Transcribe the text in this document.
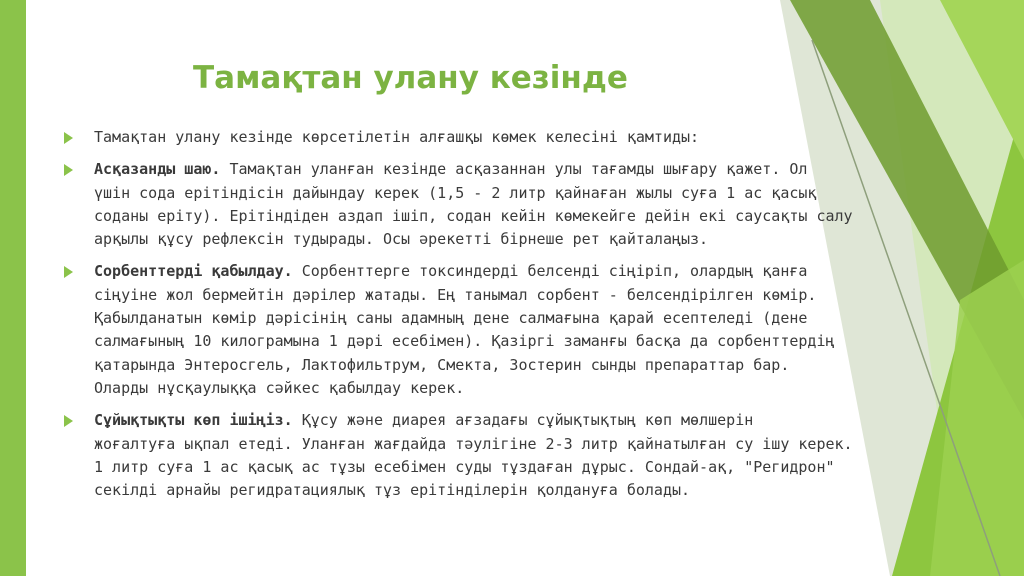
Тамақтан улану кезінде
Тамақтан улану кезінде көрсетілетін алғашқы көмек келесіні қамтиды:
Асқазанды шаю. Тамақтан уланған кезінде асқазаннан улы тағамды шығару қажет. Ол
үшін сода ерітіндісін дайындау керек (1,5 - 2 литр қайнаған жылы суға 1 ас қасық
соданы ерiту). Ерітіндіден аздап ішіп, содан кейін көмекейге дейін екі саусақты салу
арқылы құсу рефлексін тудырады. Осы әрекетті бірнеше рет қайталаңыз.
Сорбенттерді қабылдау. Сорбенттерге токсиндерді белсенді сіңіріп, олардың қанға
сіңуіне жол бермейтін дәрілер жатады. Ең танымал сорбент - белсендірілген көмір.
Қабылданатын көмір дәрісінің саны адамның дене салмағына қарай есептеледі (дене
салмағының 10 килограмына 1 дәрі есебімен). Қазіргі заманғы басқа да сорбенттердің
қатарында Энтеросгель, Лактофильтрум, Смекта, Зостерин сынды препараттар бар.
Оларды нұсқаулыққа сәйкес қабылдау керек.
Сұйықтықты көп ішіңіз. Құсу және диарея ағзадағы сұйықтықтың көп мөлшерін
жоғалтуға ықпал етеді. Уланған жағдайда тәулігіне 2-3 литр қайнатылған су ішу керек.
1 литр суға 1 ас қасық ас тұзы есебімен суды тұздаған дұрыс. Сондай-ақ, "Регидрон"
секілді арнайы регидратациялық тұз ерітінділерін қолдануға болады.
